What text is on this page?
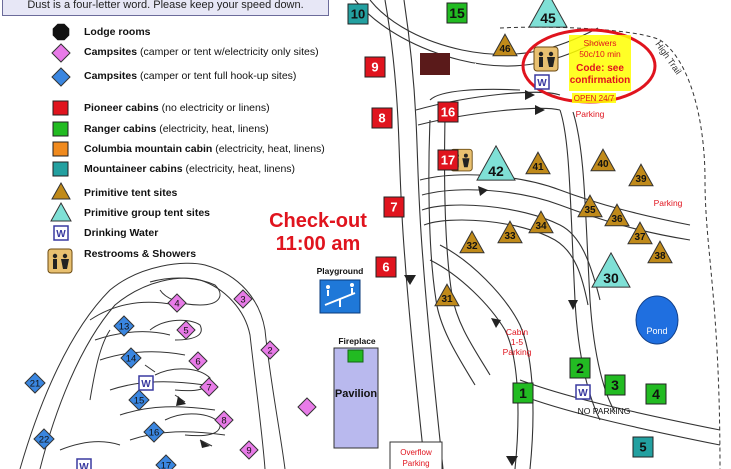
Dust is a four-letter word. Please keep your speed down.
9
8
7
6
16
17
1
2
3
4
15
10
5
46
41	40
39
35
36
37
38
34
33
32
31
45
42
30
4	3
5
2
6
7
8
9
13
14
15
16
21
22
17
W
W
W
W
W
shed	High Trail
Showers
50c/10 min
Code: see
confirmation
OPEN 24/7
Parking
Parking
Playground
Fireplace
Pavilion
Cabin
1-5
Parking
Pond
NO PARKING
Overflow
Parking
Check-out
11:00 am
Lodge rooms
Campsites (camper or tent w/electricity only sites)
Campsites (camper or tent full hook-up sites)
Pioneer cabins (no electricity or linens)
Ranger cabins (electricity, heat, linens)
Columbia mountain cabin (electricity, heat, linens)
Mountaineer cabins (electricity, heat, linens)
Primitive tent sites
Primitive group tent sites
Drinking Water
Restrooms & Showers
